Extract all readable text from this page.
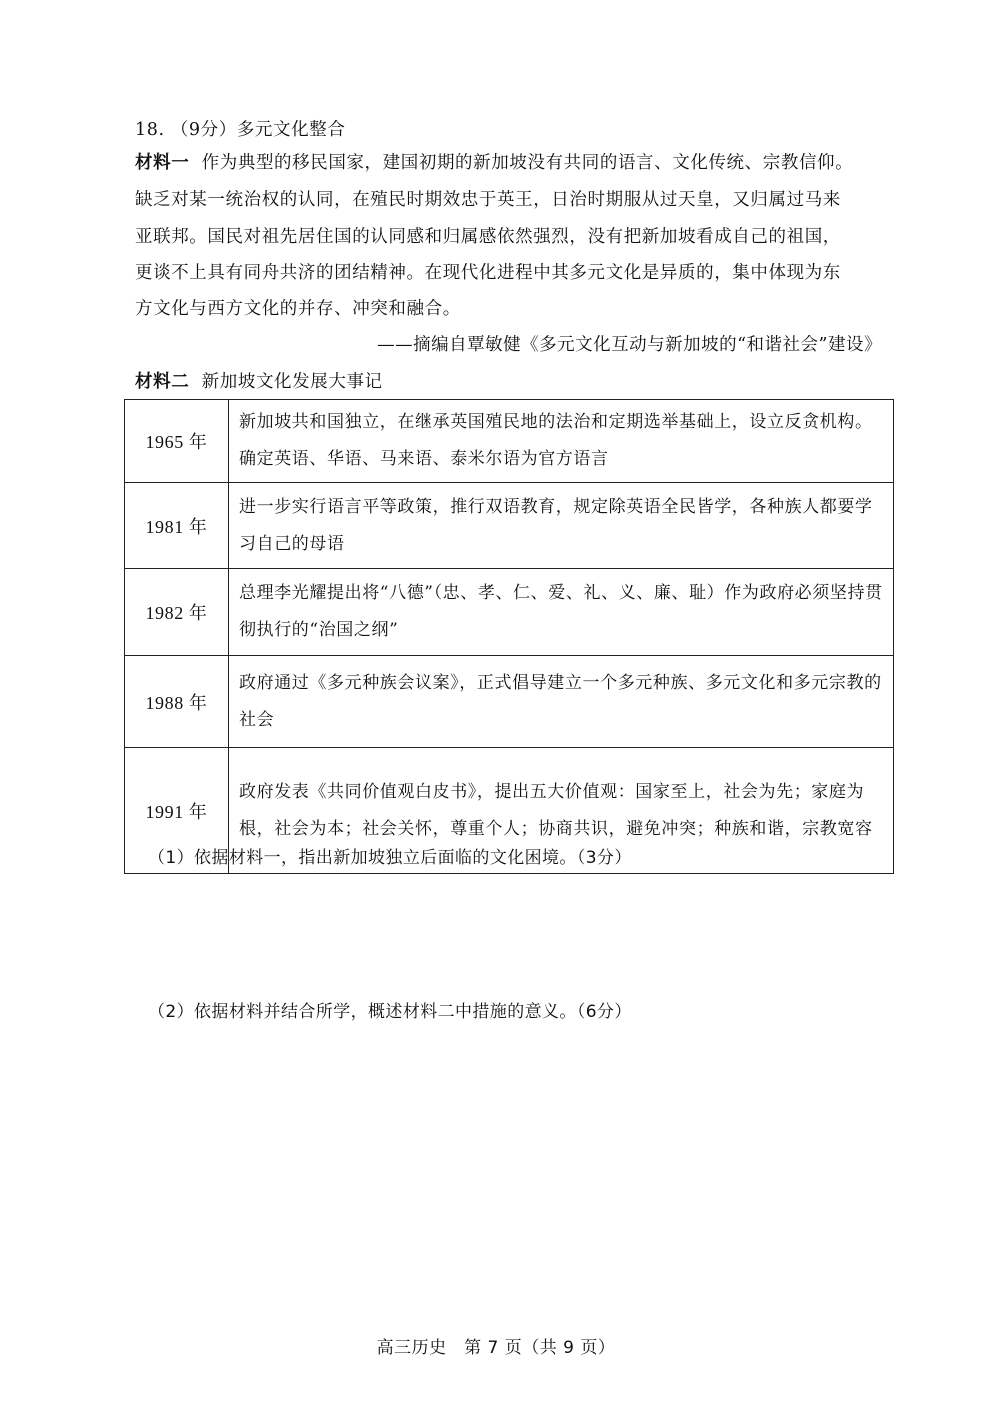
18. （9分）多元文化整合
材料一 作为典型的移民国家，建国初期的新加坡没有共同的语言、文化传统、宗教信仰。
缺乏对某一统治权的认同，在殖民时期效忠于英王，日治时期服从过天皇，又归属过马来
亚联邦。国民对祖先居住国的认同感和归属感依然强烈，没有把新加坡看成自己的祖国，
更谈不上具有同舟共济的团结精神。在现代化进程中其多元文化是异质的，集中体现为东
方文化与西方文化的并存、冲突和融合。
——摘编自覃敏健《多元文化互动与新加坡的“和谐社会”建设》
材料二 新加坡文化发展大事记
1965 年	新加坡共和国独立，在继承英国殖民地的法治和定期选举基础上，设立反贪机构。确定英语、华语、马来语、泰米尔语为官方语言
1981 年	进一步实行语言平等政策，推行双语教育，规定除英语全民皆学，各种族人都要学习自己的母语
1982 年	总理李光耀提出将“八德”（忠、孝、仁、爱、礼、义、廉、耻）作为政府必须坚持贯彻执行的“治国之纲”
1988 年	政府通过《多元种族会议案》，正式倡导建立一个多元种族、多元文化和多元宗教的社会
1991 年	政府发表《共同价值观白皮书》，提出五大价值观：国家至上，社会为先；家庭为根，社会为本；社会关怀，尊重个人；协商共识，避免冲突；种族和谐，宗教宽容
（1）依据材料一，指出新加坡独立后面临的文化困境。（3分）
（2）依据材料并结合所学，概述材料二中措施的意义。（6分）
高三历史　第 7 页（共 9 页）
